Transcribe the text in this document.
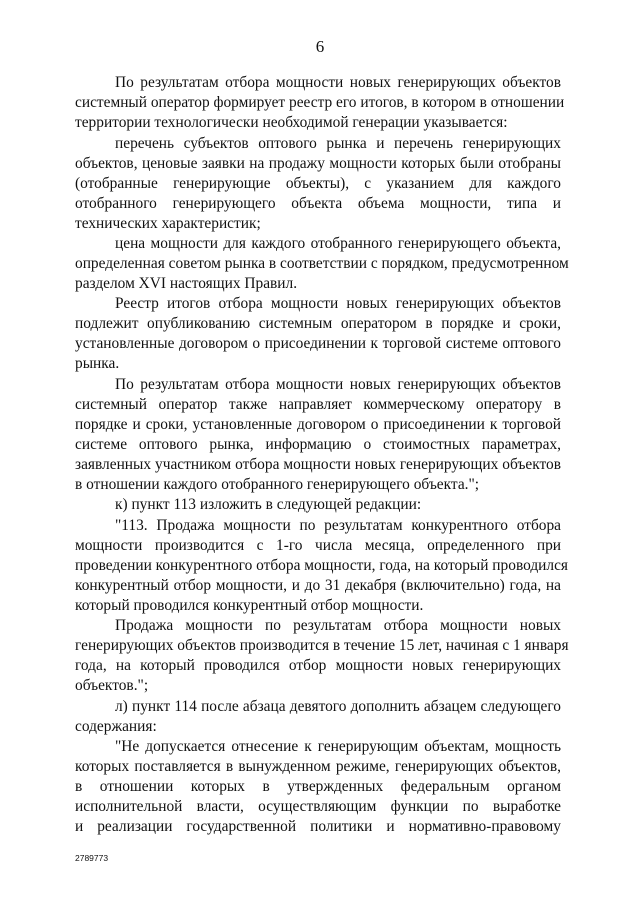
6
По результатам отбора мощности новых генерирующих объектов
системный оператор формирует реестр его итогов, в котором в отношении
территории технологически необходимой генерации указывается:
перечень субъектов оптового рынка и перечень генерирующих
объектов, ценовые заявки на продажу мощности которых были отобраны
(отобранные генерирующие объекты), с указанием для каждого
отобранного генерирующего объекта объема мощности, типа и
технических характеристик;
цена мощности для каждого отобранного генерирующего объекта,
определенная советом рынка в соответствии с порядком, предусмотренном
разделом XVI настоящих Правил.
Реестр итогов отбора мощности новых генерирующих объектов
подлежит опубликованию системным оператором в порядке и сроки,
установленные договором о присоединении к торговой системе оптового
рынка.
По результатам отбора мощности новых генерирующих объектов
системный оператор также направляет коммерческому оператору в
порядке и сроки, установленные договором о присоединении к торговой
системе оптового рынка, информацию о стоимостных параметрах,
заявленных участником отбора мощности новых генерирующих объектов
в отношении каждого отобранного генерирующего объекта.";
к) пункт 113 изложить в следующей редакции:
"113. Продажа мощности по результатам конкурентного отбора
мощности производится с 1-го числа месяца, определенного при
проведении конкурентного отбора мощности, года, на который проводился
конкурентный отбор мощности, и до 31 декабря (включительно) года, на
который проводился конкурентный отбор мощности.
Продажа мощности по результатам отбора мощности новых
генерирующих объектов производится в течение 15 лет, начиная с 1 января
года, на который проводился отбор мощности новых генерирующих
объектов.";
л) пункт 114 после абзаца девятого дополнить абзацем следующего
содержания:
"Не допускается отнесение к генерирующим объектам, мощность
которых поставляется в вынужденном режиме, генерирующих объектов,
в отношении которых в утвержденных федеральным органом
исполнительной власти, осуществляющим функции по выработке
и реализации государственной политики и нормативно-правовому
2789773
